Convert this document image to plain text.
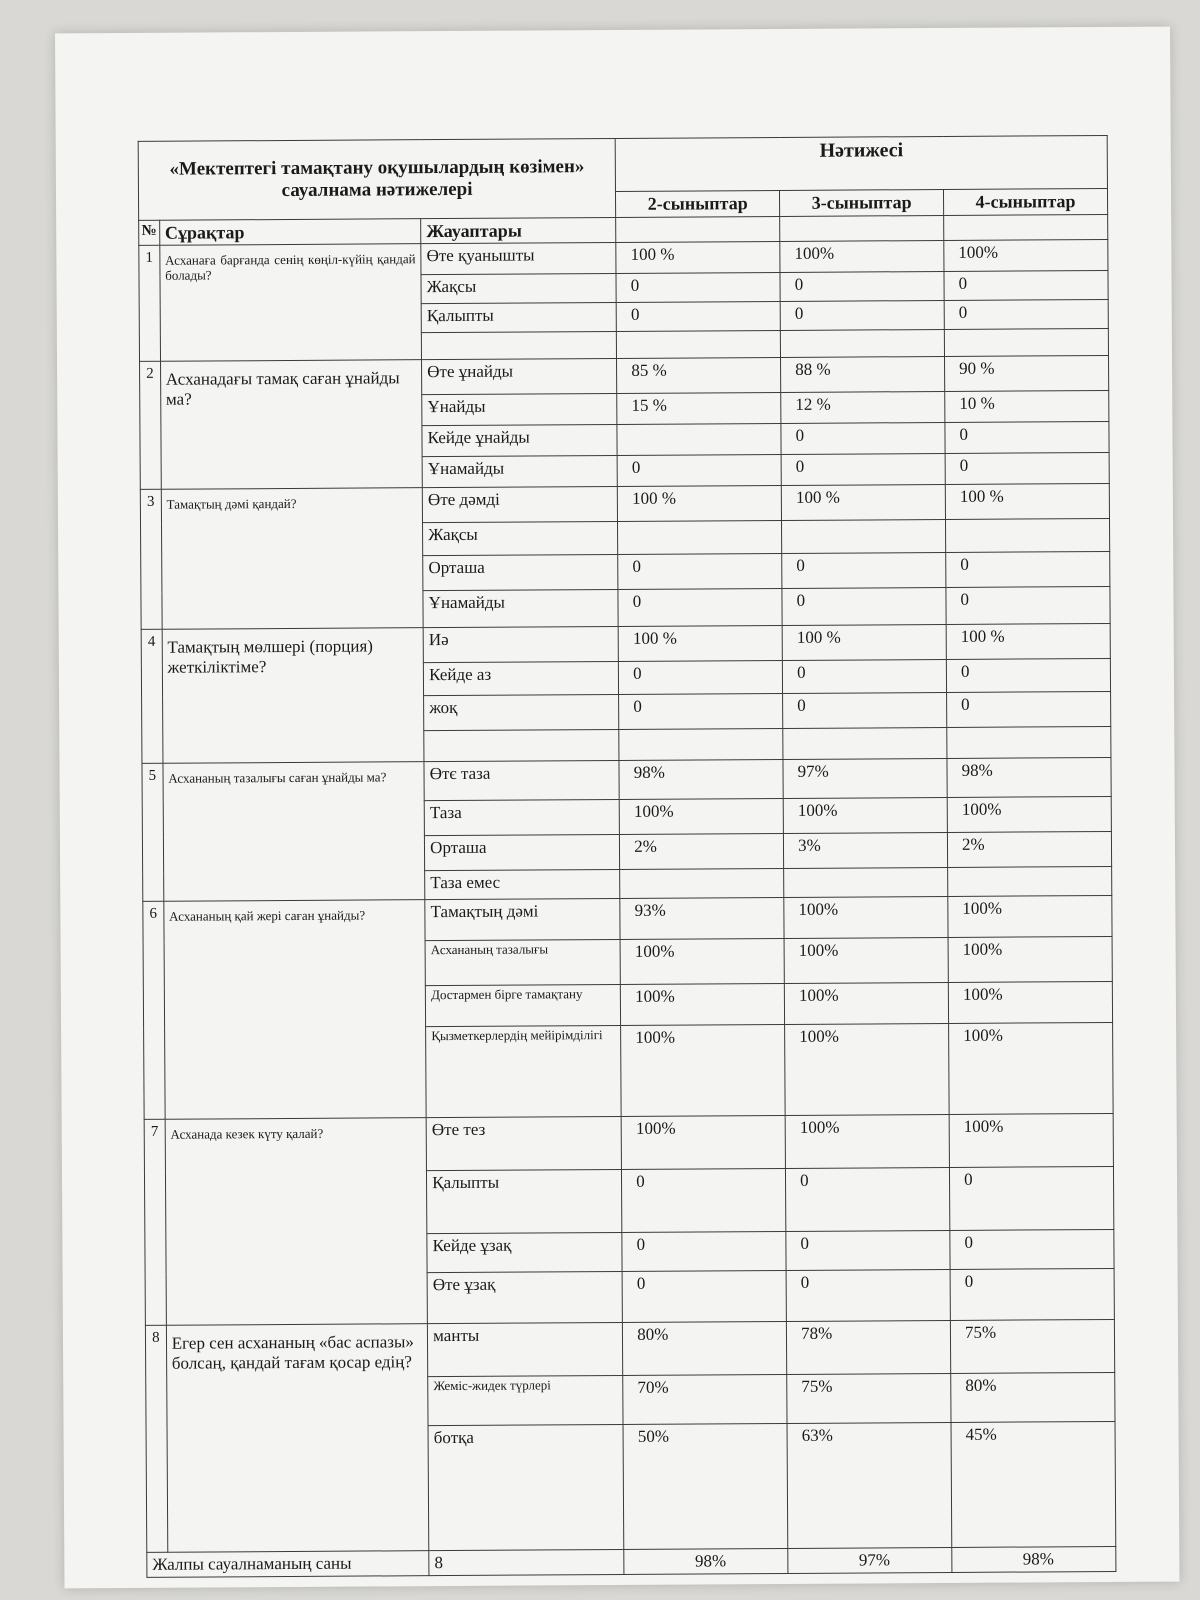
«Мектептегі тамақтану оқушылардың көзімен» сауалнама нәтижелері			Нәтижесі		
			2-сыныптар	3-сыныптар	4-сыныптар
№	Сұрақтар	Жауаптары			
1	Асханаға барғанда сенің көңіл-күйің қандай болады?	Өте қуанышты	100 %	100%	100%
		Жақсы	0	0	0
		Қалыпты	0	0	0

2	Асханадағы тамақ саған ұнайды ма?	Өте ұнайды	85 %	88 %	90 %
		Ұнайды	15 %	12 %	10 %
		Кейде ұнайды		0	0
		Ұнамайды	0	0	0
3	Тамақтың дәмі қандай?	Өте дәмді	100 %	100 %	100 %
		Жақсы			
		Орташа	0	0	0
		Ұнамайды	0	0	0
4	Тамақтың мөлшері (порция) жеткіліктіме?	Иә	100 %	100 %	100 %
		Кейде аз	0	0	0
		жоқ	0	0	0

5	Асхананың тазалығы саған ұнайды ма?	Өтє таза	98%	97%	98%
		Таза	100%	100%	100%
		Орташа	2%	3%	2%
		Таза емес			
6	Асхананың қай жері саған ұнайды?	Тамақтың дәмі	93%	100%	100%
		Асхананың тазалығы	100%	100%	100%
		Достармен бірге тамақтану	100%	100%	100%
		Қызметкерлердің мейірімділігі	100%	100%	100%
7	Асханада кезек күту қалай?	Өте тез	100%	100%	100%
		Қалыпты	0	0	0
		Кейде ұзақ	0	0	0
		Өте ұзақ	0	0	0
8	Егер сен асхананың «бас аспазы» болсаң, қандай тағам қосар едің?	манты	80%	78%	75%
		Жеміс-жидек түрлері	70%	75%	80%
		ботқа	50%	63%	45%
Жалпы сауалнаманың саны		8	98%	97%	98%
